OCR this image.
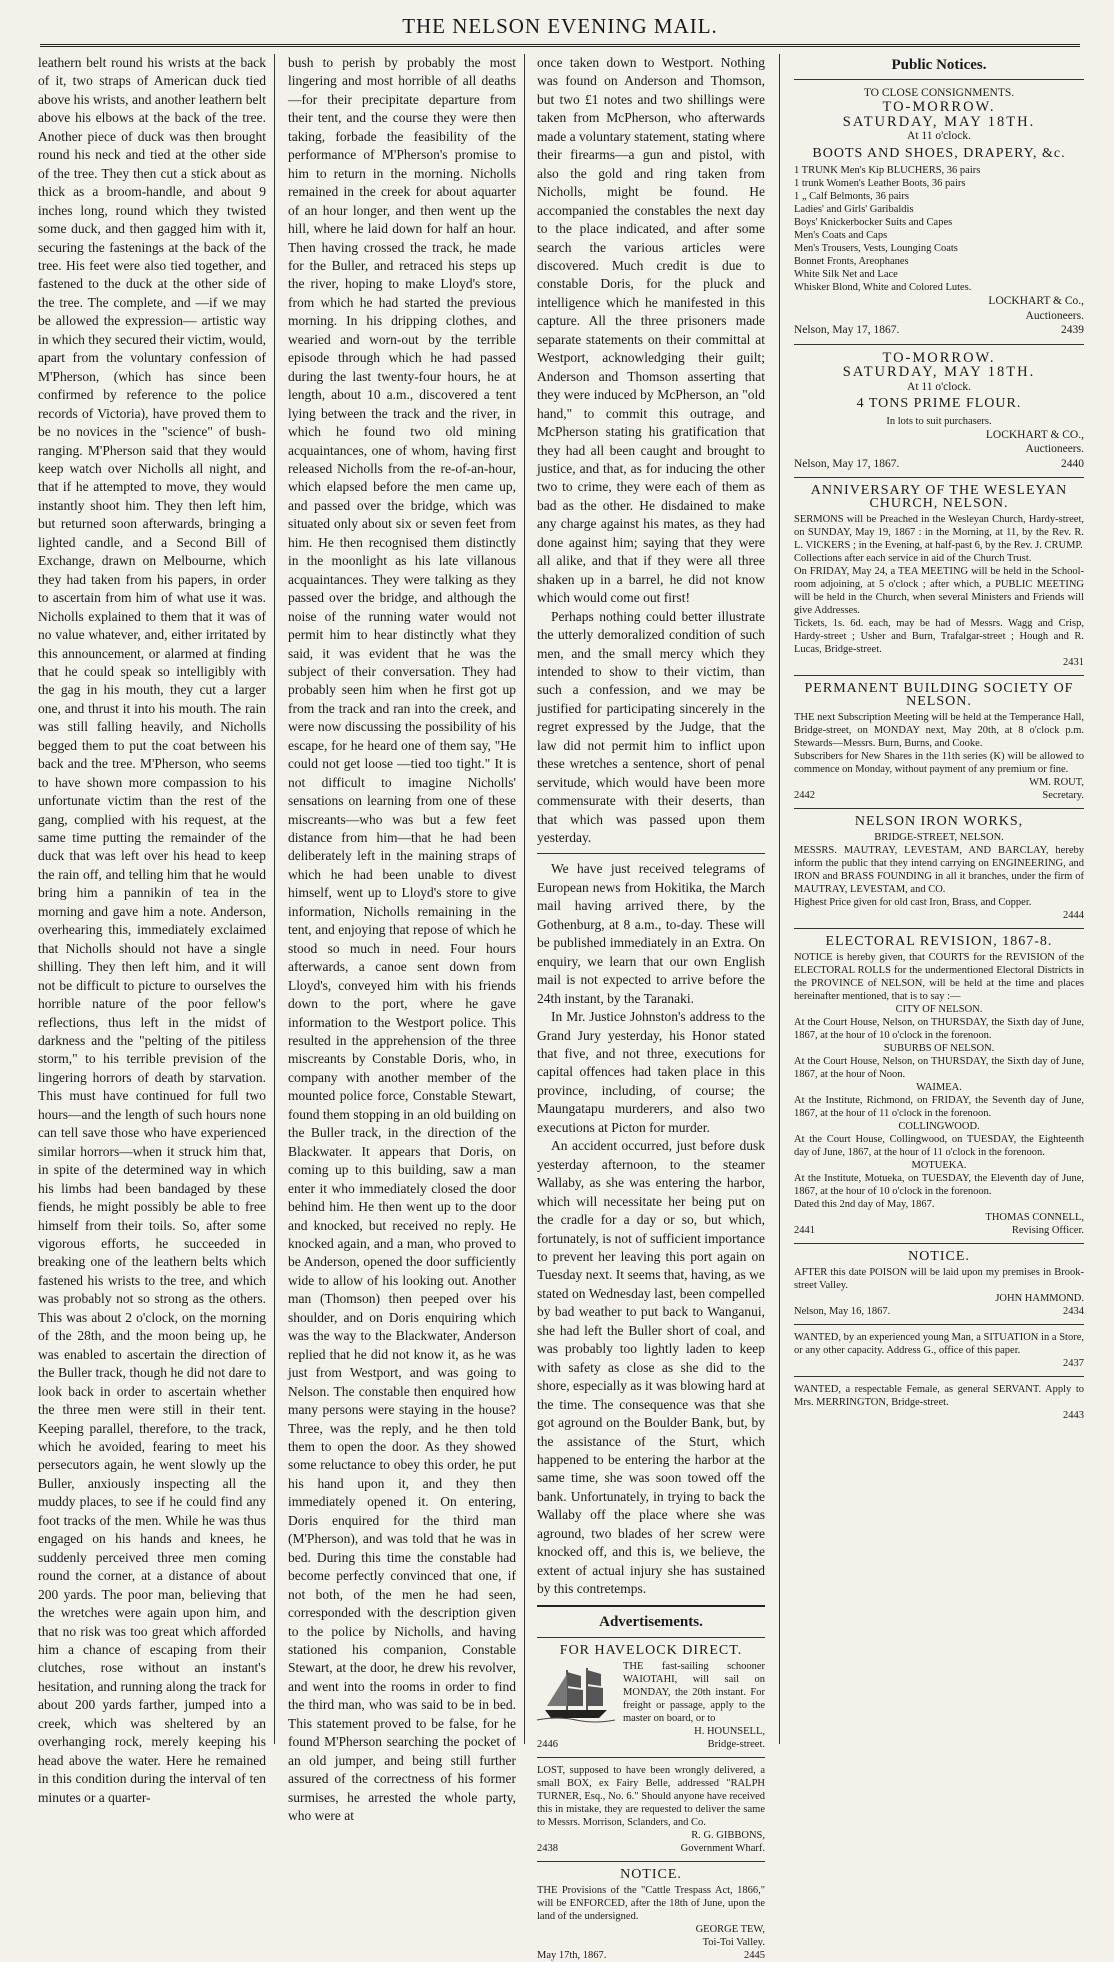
THE NELSON EVENING MAIL.

leathern belt round his wrists at the back of it, two straps of American duck tied above his wrists, and another leathern belt above his elbows at the back of the tree. Another piece of duck was then brought round his neck and tied at the other side of the tree. They then cut a stick about as thick as a broom-handle, and about 9 inches long, round which they twisted some duck, and then gagged him with it, securing the fastenings at the back of the tree. His feet were also tied together, and fastened to the duck at the other side of the tree. The complete, and —if we may be allowed the expression— artistic way in which they secured their victim, would, apart from the voluntary confession of M'Pherson, (which has since been confirmed by reference to the police records of Victoria), have proved them to be no novices in the "science" of bush-ranging. M'Pherson said that they would keep watch over Nicholls all night, and that if he attempted to move, they would instantly shoot him. They then left him, but returned soon afterwards, bringing a lighted candle, and a Second Bill of Exchange, drawn on Melbourne, which they had taken from his papers, in order to ascertain from him of what use it was. Nicholls explained to them that it was of no value whatever, and, either irritated by this announcement, or alarmed at finding that he could speak so intelligibly with the gag in his mouth, they cut a larger one, and thrust it into his mouth. The rain was still falling heavily, and Nicholls begged them to put the coat between his back and the tree. M'Pherson, who seems to have shown more compassion to his unfortunate victim than the rest of the gang, complied with his request, at the same time putting the remainder of the duck that was left over his head to keep the rain off, and telling him that he would bring him a pannikin of tea in the morning and gave him a note. Anderson, overhearing this, immediately exclaimed that Nicholls should not have a single shilling. They then left him, and it will not be difficult to picture to ourselves the horrible nature of the poor fellow's reflections, thus left in the midst of darkness and the "pelting of the pitiless storm," to his terrible prevision of the lingering horrors of death by starvation. This must have continued for full two hours—and the length of such hours none can tell save those who have experienced similar horrors—when it struck him that, in spite of the determined way in which his limbs had been bandaged by these fiends, he might possibly be able to free himself from their toils. So, after some vigorous efforts, he succeeded in breaking one of the leathern belts which fastened his wrists to the tree, and which was probably not so strong as the others. This was about 2 o'clock, on the morning of the 28th, and the moon being up, he was enabled to ascertain the direction of the Buller track, though he did not dare to look back in order to ascertain whether the three men were still in their tent. Keeping parallel, therefore, to the track, which he avoided, fearing to meet his persecutors again, he went slowly up the Buller, anxiously inspecting all the muddy places, to see if he could find any foot tracks of the men. While he was thus engaged on his hands and knees, he suddenly perceived three men coming round the corner, at a distance of about 200 yards. The poor man, believing that the wretches were again upon him, and that no risk was too great which afforded him a chance of escaping from their clutches, rose without an instant's hesitation, and running along the track for about 200 yards farther, jumped into a creek, which was sheltered by an overhanging rock, merely keeping his head above the water. Here he remained in this condition during the interval of ten minutes or a quarter-

bush to perish by probably the most lingering and most horrible of all deaths—for their precipitate departure from their tent, and the course they were then taking, forbade the feasibility of the performance of M'Pherson's promise to him to return in the morning. Nicholls remained in the creek for about aquarter of an hour longer, and then went up the hill, where he laid down for half an hour. Then having crossed the track, he made for the Buller, and retraced his steps up the river, hoping to make Lloyd's store, from which he had started the previous morning. In his dripping clothes, and wearied and worn-out by the terrible episode through which he had passed during the last twenty-four hours, he at length, about 10 a.m., discovered a tent lying between the track and the river, in which he found two old mining acquaintances, one of whom, having first released Nicholls from the re-of-an-hour, which elapsed before the men came up, and passed over the bridge, which was situated only about six or seven feet from him. He then recognised them distinctly in the moonlight as his late villanous acquaintances. They were talking as they passed over the bridge, and although the noise of the running water would not permit him to hear distinctly what they said, it was evident that he was the subject of their conversation. They had probably seen him when he first got up from the track and ran into the creek, and were now discussing the possibility of his escape, for he heard one of them say, "He could not get loose —tied too tight." It is not difficult to imagine Nicholls' sensations on learning from one of these miscreants—who was but a few feet distance from him—that he had been deliberately left in the maining straps of which he had been unable to divest himself, went up to Lloyd's store to give information, Nicholls remaining in the tent, and enjoying that repose of which he stood so much in need. Four hours afterwards, a canoe sent down from Lloyd's, conveyed him with his friends down to the port, where he gave information to the Westport police. This resulted in the apprehension of the three miscreants by Constable Doris, who, in company with another member of the mounted police force, Constable Stewart, found them stopping in an old building on the Buller track, in the direction of the Blackwater. It appears that Doris, on coming up to this building, saw a man enter it who immediately closed the door behind him. He then went up to the door and knocked, but received no reply. He knocked again, and a man, who proved to be Anderson, opened the door sufficiently wide to allow of his looking out. Another man (Thomson) then peeped over his shoulder, and on Doris enquiring which was the way to the Blackwater, Anderson replied that he did not know it, as he was just from Westport, and was going to Nelson. The constable then enquired how many persons were staying in the house? Three, was the reply, and he then told them to open the door. As they showed some reluctance to obey this order, he put his hand upon it, and they then immediately opened it. On entering, Doris enquired for the third man (M'Pherson), and was told that he was in bed. During this time the constable had become perfectly convinced that one, if not both, of the men he had seen, corresponded with the description given to the police by Nicholls, and having stationed his companion, Constable Stewart, at the door, he drew his revolver, and went into the rooms in order to find the third man, who was said to be in bed. This statement proved to be false, for he found M'Pherson searching the pocket of an old jumper, and being still further assured of the correctness of his former surmises, he arrested the whole party, who were at

once taken down to Westport. Nothing was found on Anderson and Thomson, but two £1 notes and two shillings were taken from McPherson, who afterwards made a voluntary statement, stating where their firearms—a gun and pistol, with also the gold and ring taken from Nicholls, might be found. He accompanied the constables the next day to the place indicated, and after some search the various articles were discovered. Much credit is due to constable Doris, for the pluck and intelligence which he manifested in this capture. All the three prisoners made separate statements on their committal at Westport, acknowledging their guilt; Anderson and Thomson asserting that they were induced by McPherson, an "old hand," to commit this outrage, and McPherson stating his gratification that they had all been caught and brought to justice, and that, as for inducing the other two to crime, they were each of them as bad as the other. He disdained to make any charge against his mates, as they had done against him; saying that they were all alike, and that if they were all three shaken up in a barrel, he did not know which would come out first!

Perhaps nothing could better illustrate the utterly demoralized condition of such men, and the small mercy which they intended to show to their victim, than such a confession, and we may be justified for participating sincerely in the regret expressed by the Judge, that the law did not permit him to inflict upon these wretches a sentence, short of penal servitude, which would have been more commensurate with their deserts, than that which was passed upon them yesterday.

We have just received telegrams of European news from Hokitika, the March mail having arrived there, by the Gothenburg, at 8 a.m., to-day. These will be published immediately in an Extra. On enquiry, we learn that our own English mail is not expected to arrive before the 24th instant, by the Taranaki.

In Mr. Justice Johnston's address to the Grand Jury yesterday, his Honor stated that five, and not three, executions for capital offences had taken place in this province, including, of course; the Maungatapu murderers, and also two executions at Picton for murder.

An accident occurred, just before dusk yesterday afternoon, to the steamer Wallaby, as she was entering the harbor, which will necessitate her being put on the cradle for a day or so, but which, fortunately, is not of sufficient importance to prevent her leaving this port again on Tuesday next. It seems that, having, as we stated on Wednesday last, been compelled by bad weather to put back to Wanganui, she had left the Buller short of coal, and was probably too lightly laden to keep with safety as close as she did to the shore, especially as it was blowing hard at the time. The consequence was that she got aground on the Boulder Bank, but, by the assistance of the Sturt, which happened to be entering the harbor at the same time, she was soon towed off the bank. Unfortunately, in trying to back the Wallaby off the place where she was aground, two blades of her screw were knocked off, and this is, we believe, the extent of actual injury she has sustained by this contretemps.

Advertisements.
FOR HAVELOCK DIRECT.

THE fast-sailing schooner WAIOTAHI, will sail on MONDAY, the 20th instant. For freight or passage, apply to the master on board, or to

H. HOUNSELL,

2446	Bridge-street.

LOST, supposed to have been wrongly delivered, a small BOX, ex Fairy Belle, addressed "RALPH TURNER, Esq., No. 6." Should anyone have received this in mistake, they are requested to deliver the same to Messrs. Morrison, Sclanders, and Co.

R. G. GIBBONS,

2438	Government Wharf.
NOTICE.

THE Provisions of the "Cattle Trespass Act, 1866," will be ENFORCED, after the 18th of June, upon the land of the undersigned.

GEORGE TEW,

Toi-Toi Valley.

May 17th, 1867.	2445
Public Notices.

TO CLOSE CONSIGNMENTS.

TO-MORROW.

SATURDAY, MAY 18TH.

At 11 o'clock.

BOOTS AND SHOES, DRAPERY, &c.
1 TRUNK Men's Kip BLUCHERS, 36 pairs
1 trunk Women's Leather Boots, 36 pairs
1 „ Calf Belmonts, 36 pairs
Ladies' and Girls' Garibaldis
Boys' Knickerbocker Suits and Capes
Men's Coats and Caps
Men's Trousers, Vests, Lounging Coats
Bonnet Fronts, Areophanes
White Silk Net and Lace
Whisker Blond, White and Colored Lutes.

LOCKHART & Co.,

Auctioneers.

Nelson, May 17, 1867.	2439

TO-MORROW.

SATURDAY, MAY 18TH.

At 11 o'clock.

4 TONS PRIME FLOUR.

In lots to suit purchasers.

LOCKHART & CO.,

Auctioneers.

Nelson, May 17, 1867.	2440
ANNIVERSARY OF THE WESLEYAN CHURCH, NELSON.

SERMONS will be Preached in the Wesleyan Church, Hardy-street, on SUNDAY, May 19, 1867 : in the Morning, at 11, by the Rev. R. L. VICKERS ; in the Evening, at half-past 6, by the Rev. J. CRUMP.

Collections after each service in aid of the Church Trust.

On FRIDAY, May 24, a TEA MEETING will be held in the School-room adjoining, at 5 o'clock ; after which, a PUBLIC MEETING will be held in the Church, when several Ministers and Friends will give Addresses.

Tickets, 1s. 6d. each, may be had of Messrs. Wagg and Crisp, Hardy-street ; Usher and Burn, Trafalgar-street ; Hough and R. Lucas, Bridge-street.

2431

PERMANENT BUILDING SOCIETY OF NELSON.

THE next Subscription Meeting will be held at the Temperance Hall, Bridge-street, on MONDAY next, May 20th, at 8 o'clock p.m. Stewards—Messrs. Burn, Burns, and Cooke.

Subscribers for New Shares in the 11th series (K) will be allowed to commence on Monday, without payment of any premium or fine.

WM. ROUT,

2442	Secretary.
NELSON IRON WORKS,

BRIDGE-STREET, NELSON.

MESSRS. MAUTRAY, LEVESTAM, AND BARCLAY, hereby inform the public that they intend carrying on ENGINEERING, and IRON and BRASS FOUNDING in all it branches, under the firm of MAUTRAY, LEVESTAM, and CO.

Highest Price given for old cast Iron, Brass, and Copper.

2444

ELECTORAL REVISION, 1867-8.

NOTICE is hereby given, that COURTS for the REVISION of the ELECTORAL ROLLS for the undermentioned Electoral Districts in the PROVINCE of NELSON, will be held at the time and places hereinafter mentioned, that is to say :—

CITY OF NELSON.

At the Court House, Nelson, on THURSDAY, the Sixth day of June, 1867, at the hour of 10 o'clock in the forenoon.

SUBURBS OF NELSON.

At the Court House, Nelson, on THURSDAY, the Sixth day of June, 1867, at the hour of Noon.

WAIMEA.

At the Institute, Richmond, on FRIDAY, the Seventh day of June, 1867, at the hour of 11 o'clock in the forenoon.

COLLINGWOOD.

At the Court House, Collingwood, on TUESDAY, the Eighteenth day of June, 1867, at the hour of 11 o'clock in the forenoon.

MOTUEKA.

At the Institute, Motueka, on TUESDAY, the Eleventh day of June, 1867, at the hour of 10 o'clock in the forenoon.

Dated this 2nd day of May, 1867.

THOMAS CONNELL,

2441	Revising Officer.
NOTICE.

AFTER this date POISON will be laid upon my premises in Brook-street Valley.

JOHN HAMMOND.

Nelson, May 16, 1867.	2434

WANTED, by an experienced young Man, a SITUATION in a Store, or any other capacity. Address G., office of this paper.

2437

WANTED, a respectable Female, as general SERVANT. Apply to Mrs. MERRINGTON, Bridge-street.

2443
